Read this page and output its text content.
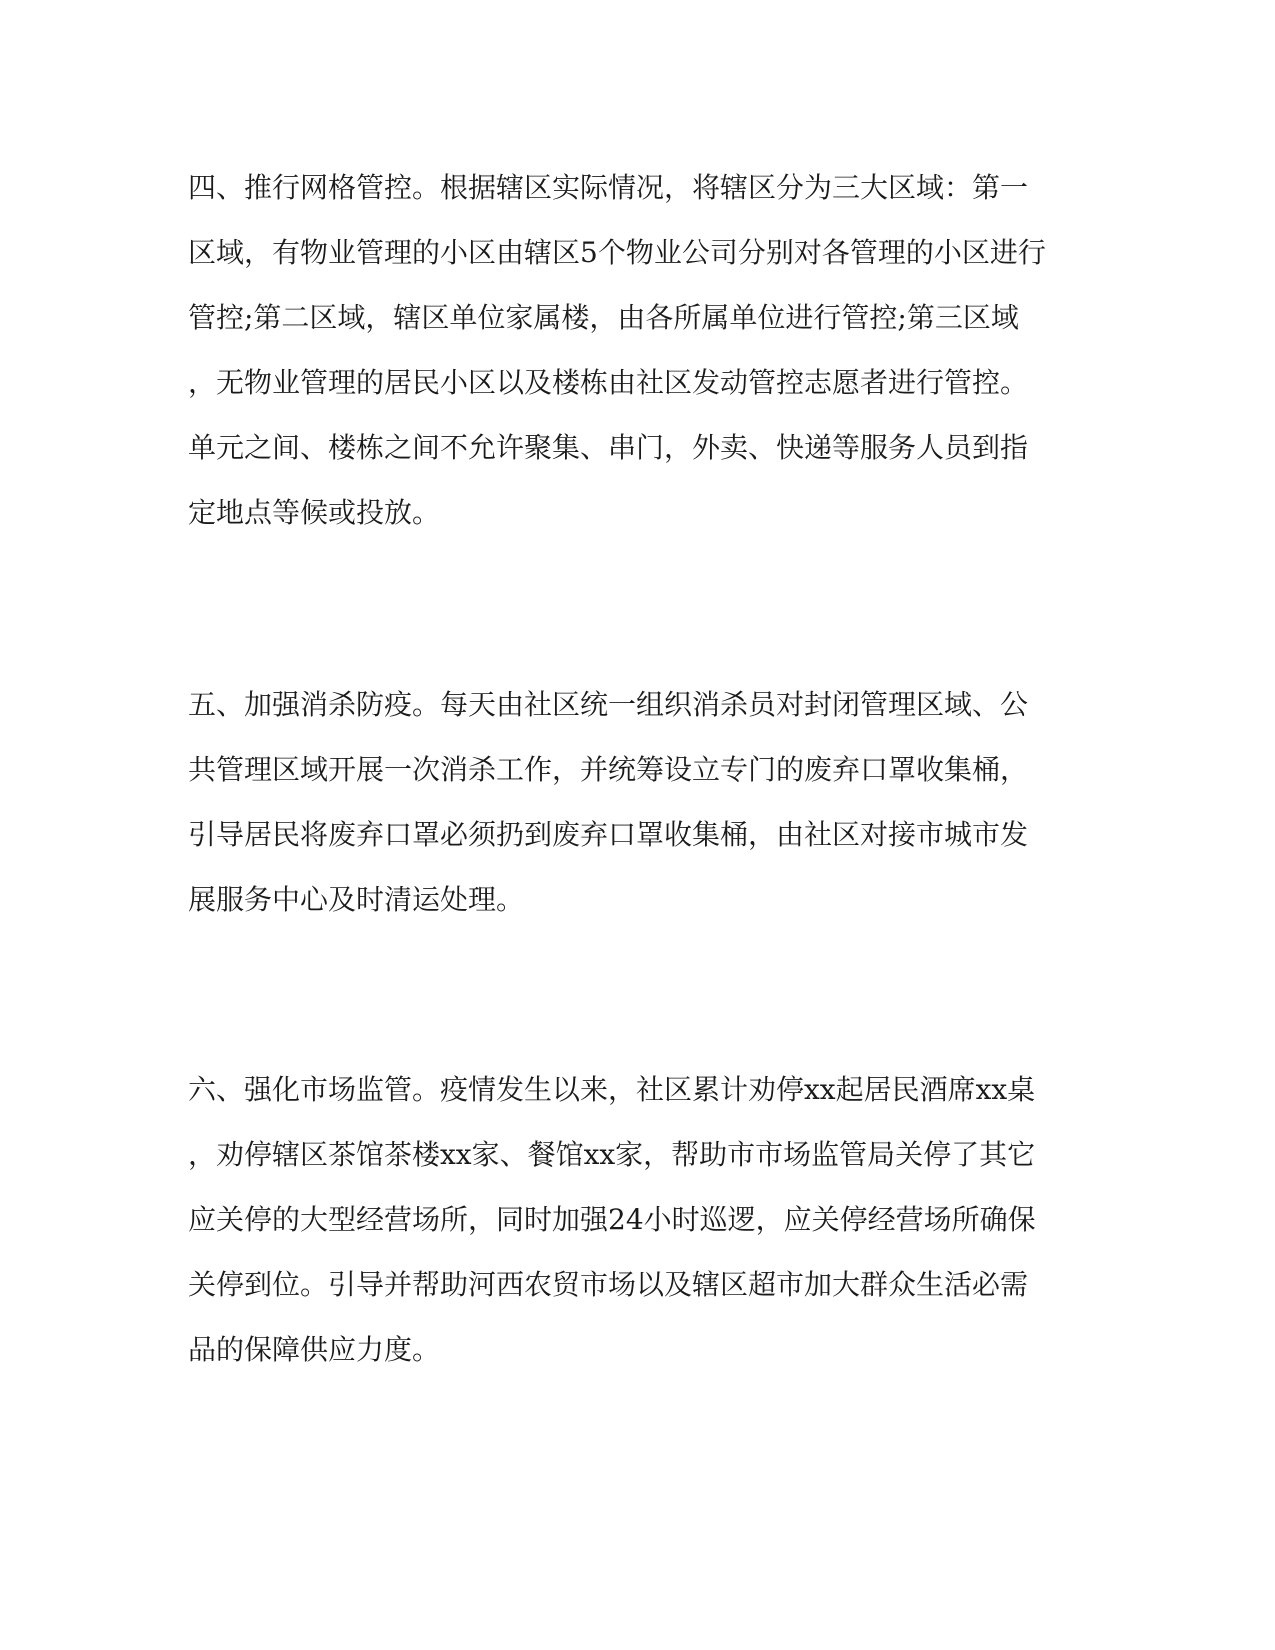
四、推行网格管控。根据辖区实际情况，将辖区分为三大区域：第一
区域，有物业管理的小区由辖区5个物业公司分别对各管理的小区进行
管控;第二区域，辖区单位家属楼，由各所属单位进行管控;第三区域
，无物业管理的居民小区以及楼栋由社区发动管控志愿者进行管控。
单元之间、楼栋之间不允许聚集、串门，外卖、快递等服务人员到指
定地点等候或投放。
五、加强消杀防疫。每天由社区统一组织消杀员对封闭管理区域、公
共管理区域开展一次消杀工作，并统筹设立专门的废弃口罩收集桶，
引导居民将废弃口罩必须扔到废弃口罩收集桶，由社区对接市城市发
展服务中心及时清运处理。
六、强化市场监管。疫情发生以来，社区累计劝停xx起居民酒席xx桌
，劝停辖区茶馆茶楼xx家、餐馆xx家，帮助市市场监管局关停了其它
应关停的大型经营场所，同时加强24小时巡逻，应关停经营场所确保
关停到位。引导并帮助河西农贸市场以及辖区超市加大群众生活必需
品的保障供应力度。
